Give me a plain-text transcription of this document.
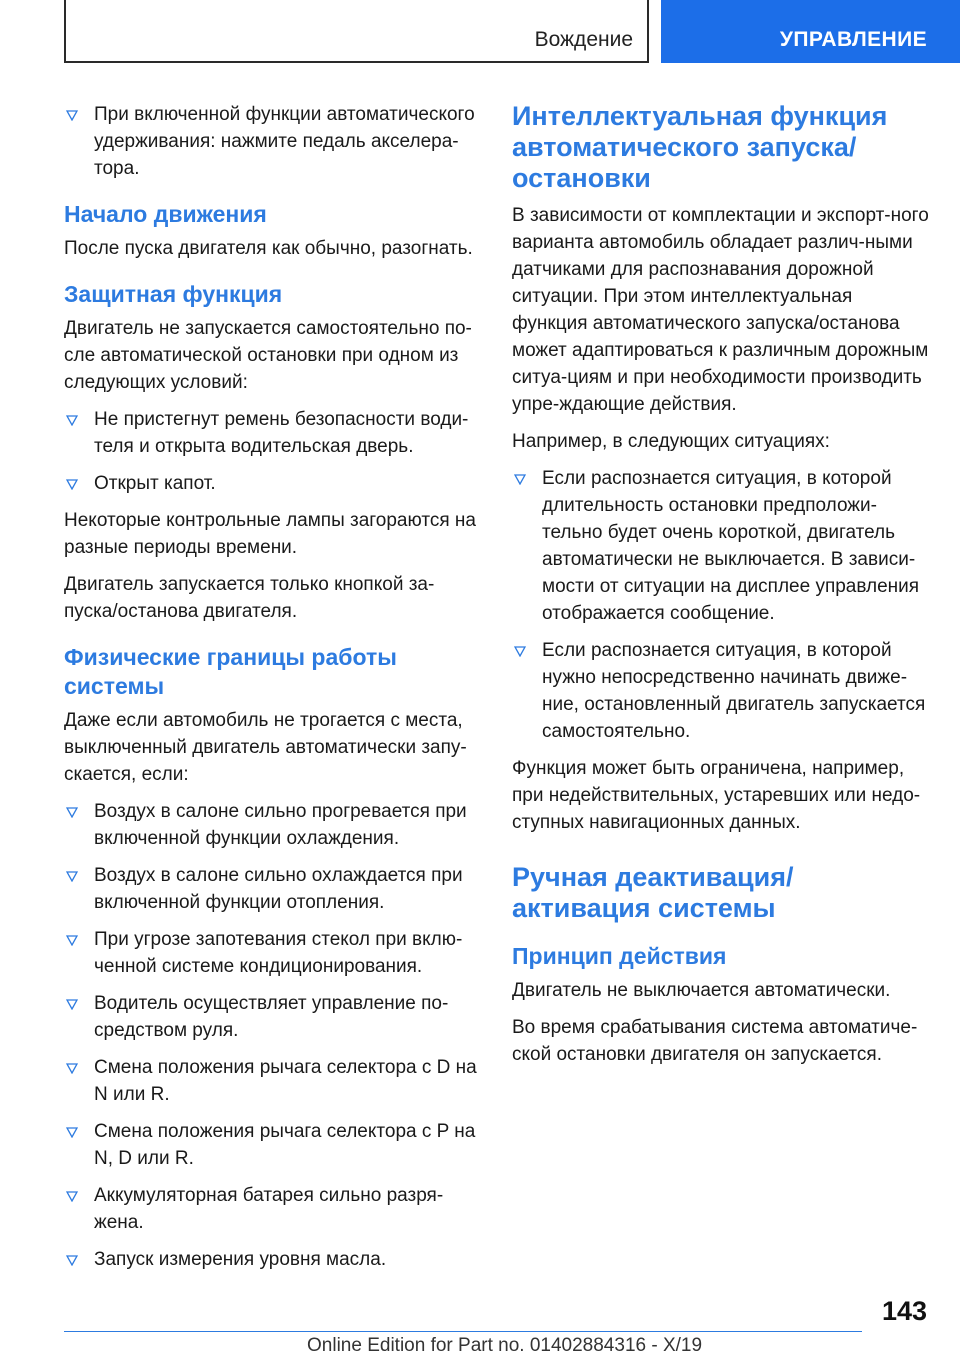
Вождение	УПРАВЛЕНИЕ
При включенной функции автоматического удерживания: нажмите педаль акселера-тора.
Начало движения

После пуска двигателя как обычно, разогнать.

Защитная функция

Двигатель не запускается самостоятельно по-сле автоматической остановки при одном из следующих условий:

Не пристегнут ремень безопасности води-теля и открыта водительская дверь.
Открыт капот.

Некоторые контрольные лампы загораются на разные периоды времени.

Двигатель запускается только кнопкой за-пуска/останова двигателя.

Физические границы работы системы

Даже если автомобиль не трогается с места, выключенный двигатель автоматически запу-скается, если:

Воздух в салоне сильно прогревается при включенной функции охлаждения.
Воздух в салоне сильно охлаждается при включенной функции отопления.
При угрозе запотевания стекол при вклю-ченной системе кондиционирования.
Водитель осуществляет управление по-средством руля.
Смена положения рычага селектора с D на N или R.
Смена положения рычага селектора с P на N, D или R.
Аккумуляторная батарея сильно разря-жена.
Запуск измерения уровня масла.
Интеллектуальная функция автоматического запуска/ остановки

В зависимости от комплектации и экспорт-ного варианта автомобиль обладает различ-ными датчиками для распознавания дорожной ситуации. При этом интеллектуальная функция автоматического запуска/останова может адаптироваться к различным дорожным ситуа-циям и при необходимости производить упре-ждающие действия.

Например, в следующих ситуациях:

Если распознается ситуация, в которой длительность остановки предположи-тельно будет очень короткой, двигатель автоматически не выключается. В зависи-мости от ситуации на дисплее управления отображается сообщение.
Если распознается ситуация, в которой нужно непосредственно начинать движе-ние, остановленный двигатель запускается самостоятельно.

Функция может быть ограничена, например, при недействительных, устаревших или недо-ступных навигационных данных.

Ручная деактивация/активация системы
Принцип действия

Двигатель не выключается автоматически.

Во время срабатывания система автоматиче-ской остановки двигателя он запускается.

143
Online Edition for Part no. 01402884316 - X/19
